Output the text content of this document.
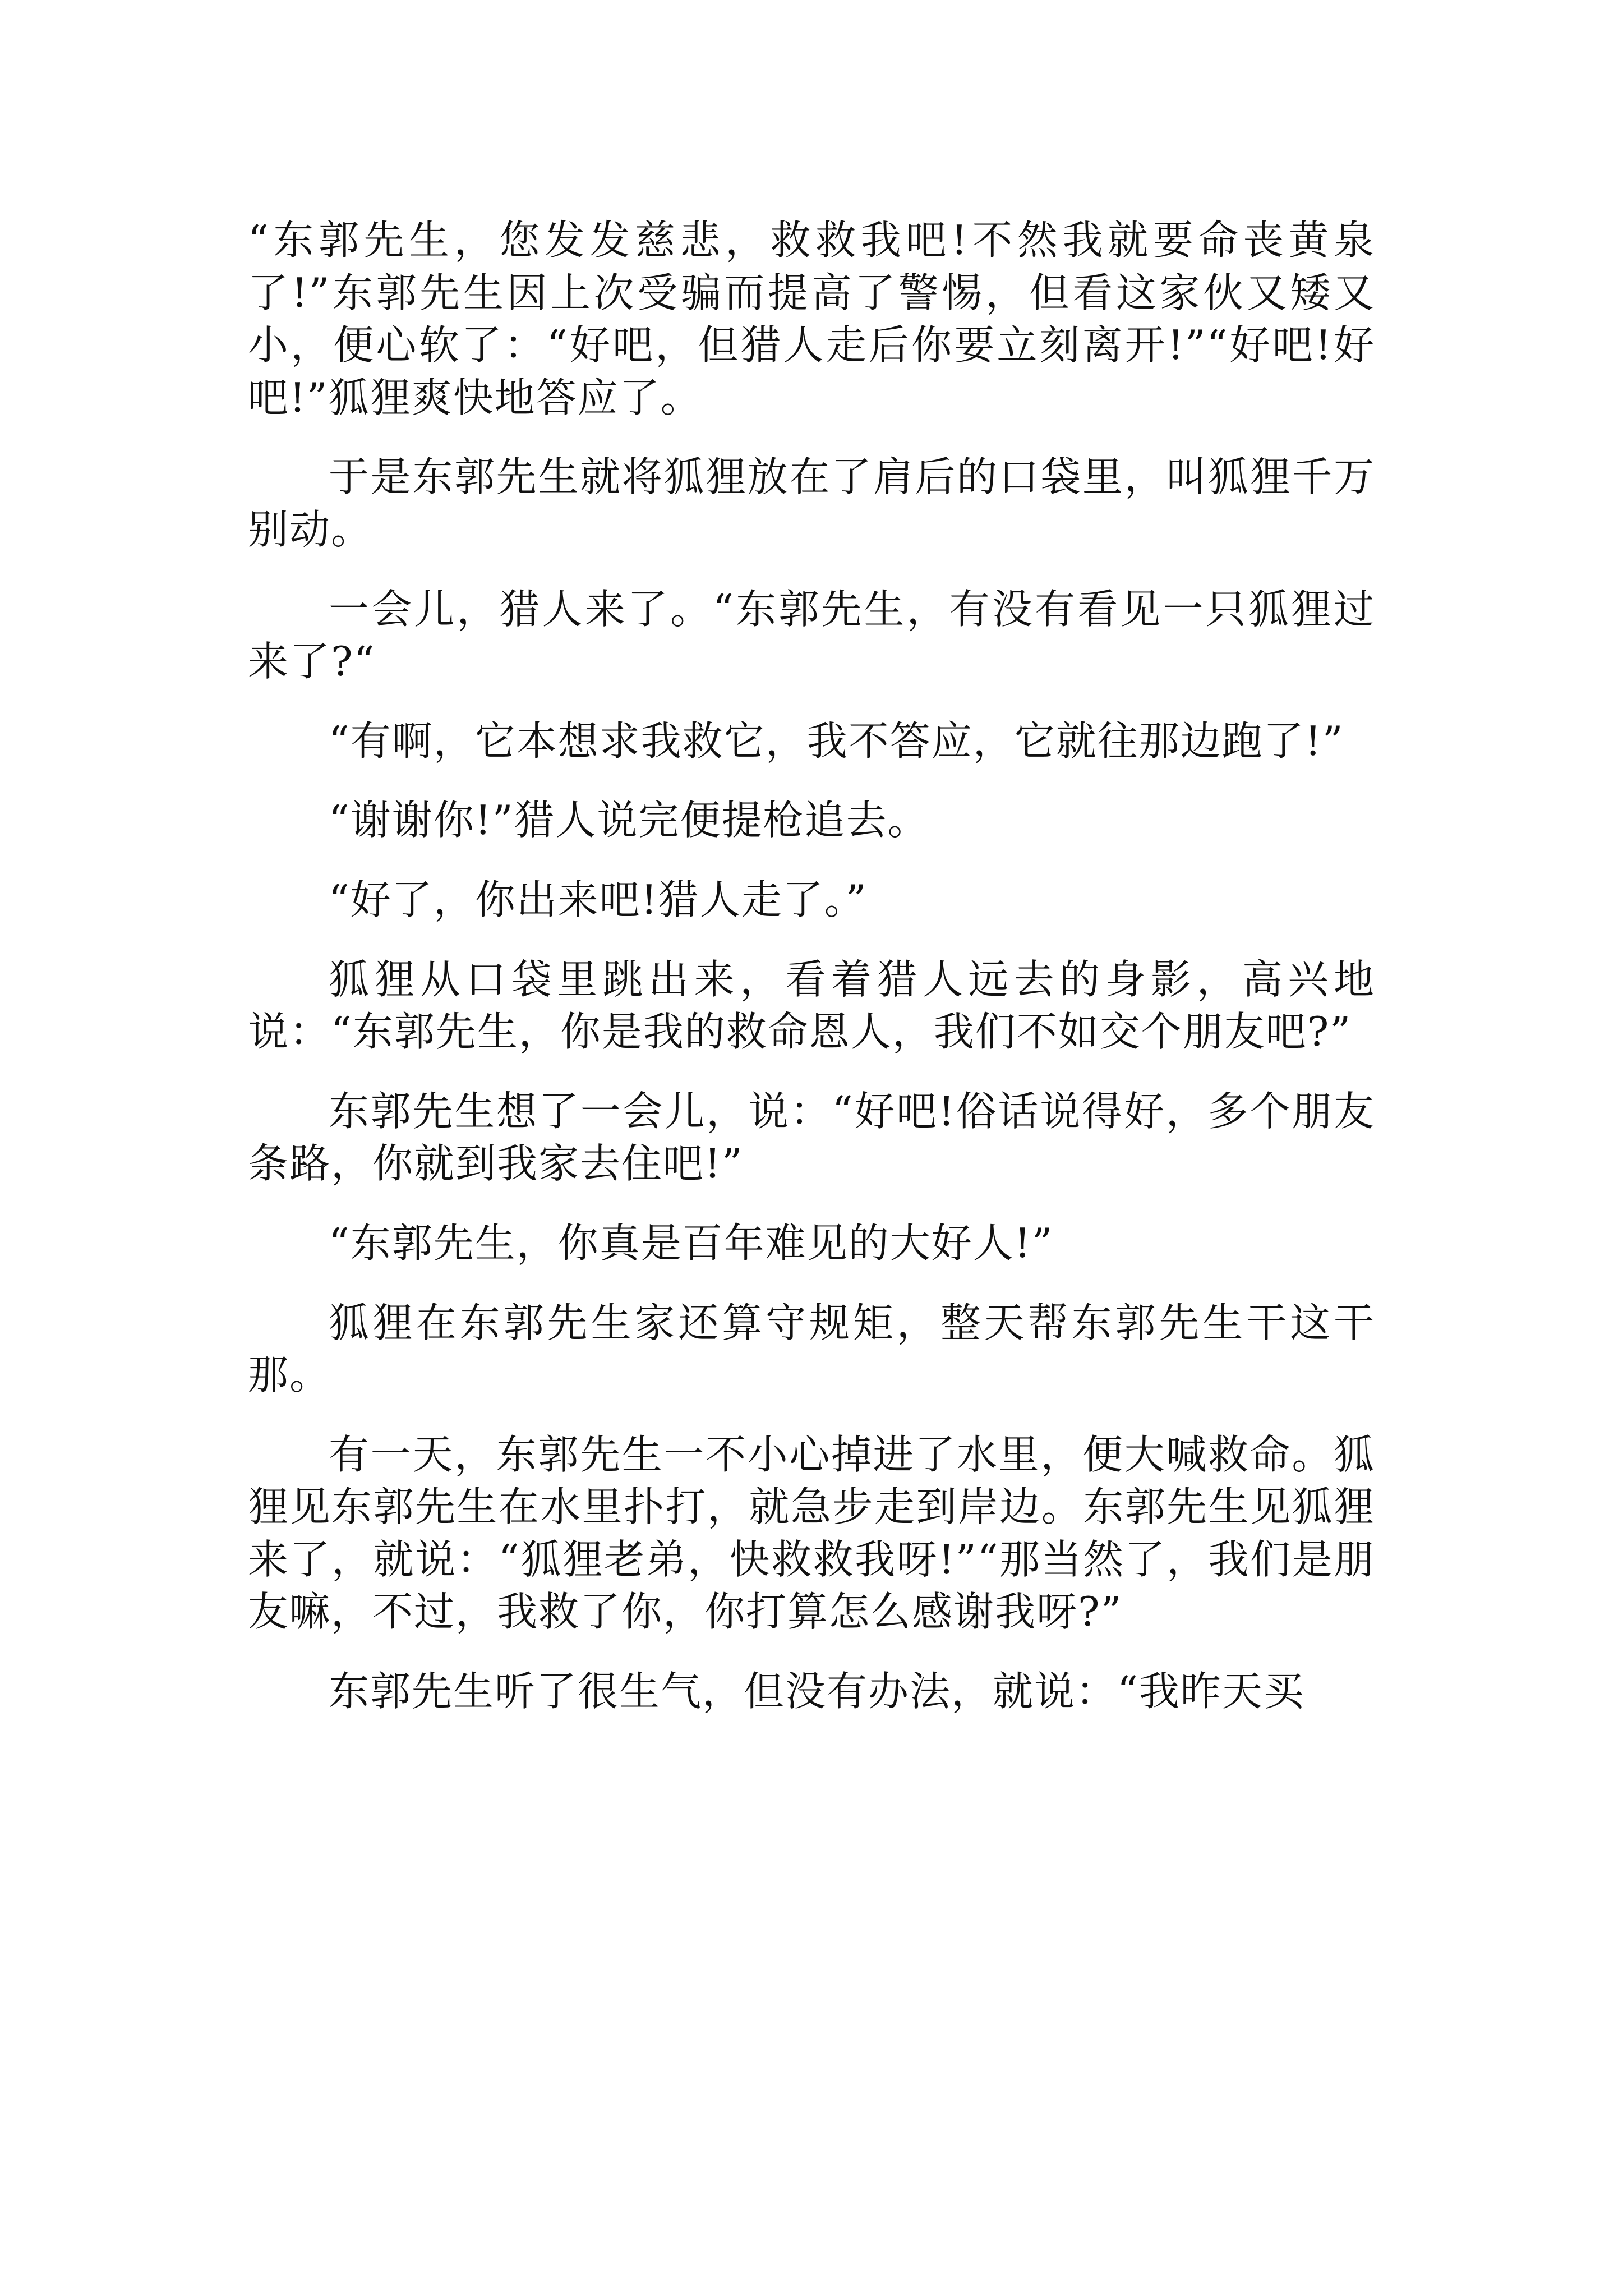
“东郭先生，您发发慈悲，救救我吧!不然我就要命丧黄泉了!”东郭先生因上次受骗而提高了警惕，但看这家伙又矮又小，便心软了：“好吧，但猎人走后你要立刻离开!”“好吧!好吧!”狐狸爽快地答应了。

于是东郭先生就将狐狸放在了肩后的口袋里，叫狐狸千万别动。

一会儿，猎人来了。“东郭先生，有没有看见一只狐狸过来了?“

“有啊，它本想求我救它，我不答应，它就往那边跑了!”

“谢谢你!”猎人说完便提枪追去。

“好了，你出来吧!猎人走了。”

狐狸从口袋里跳出来，看着猎人远去的身影，高兴地说：“东郭先生，你是我的救命恩人，我们不如交个朋友吧?”

东郭先生想了一会儿，说：“好吧!俗话说得好，多个朋友条路，你就到我家去住吧!”

“东郭先生，你真是百年难见的大好人!”

狐狸在东郭先生家还算守规矩，整天帮东郭先生干这干那。

有一天，东郭先生一不小心掉进了水里，便大喊救命。狐狸见东郭先生在水里扑打，就急步走到岸边。东郭先生见狐狸来了，就说：“狐狸老弟，快救救我呀!”“那当然了，我们是朋友嘛，不过，我救了你，你打算怎么感谢我呀?”

东郭先生听了很生气，但没有办法，就说：“我昨天买
